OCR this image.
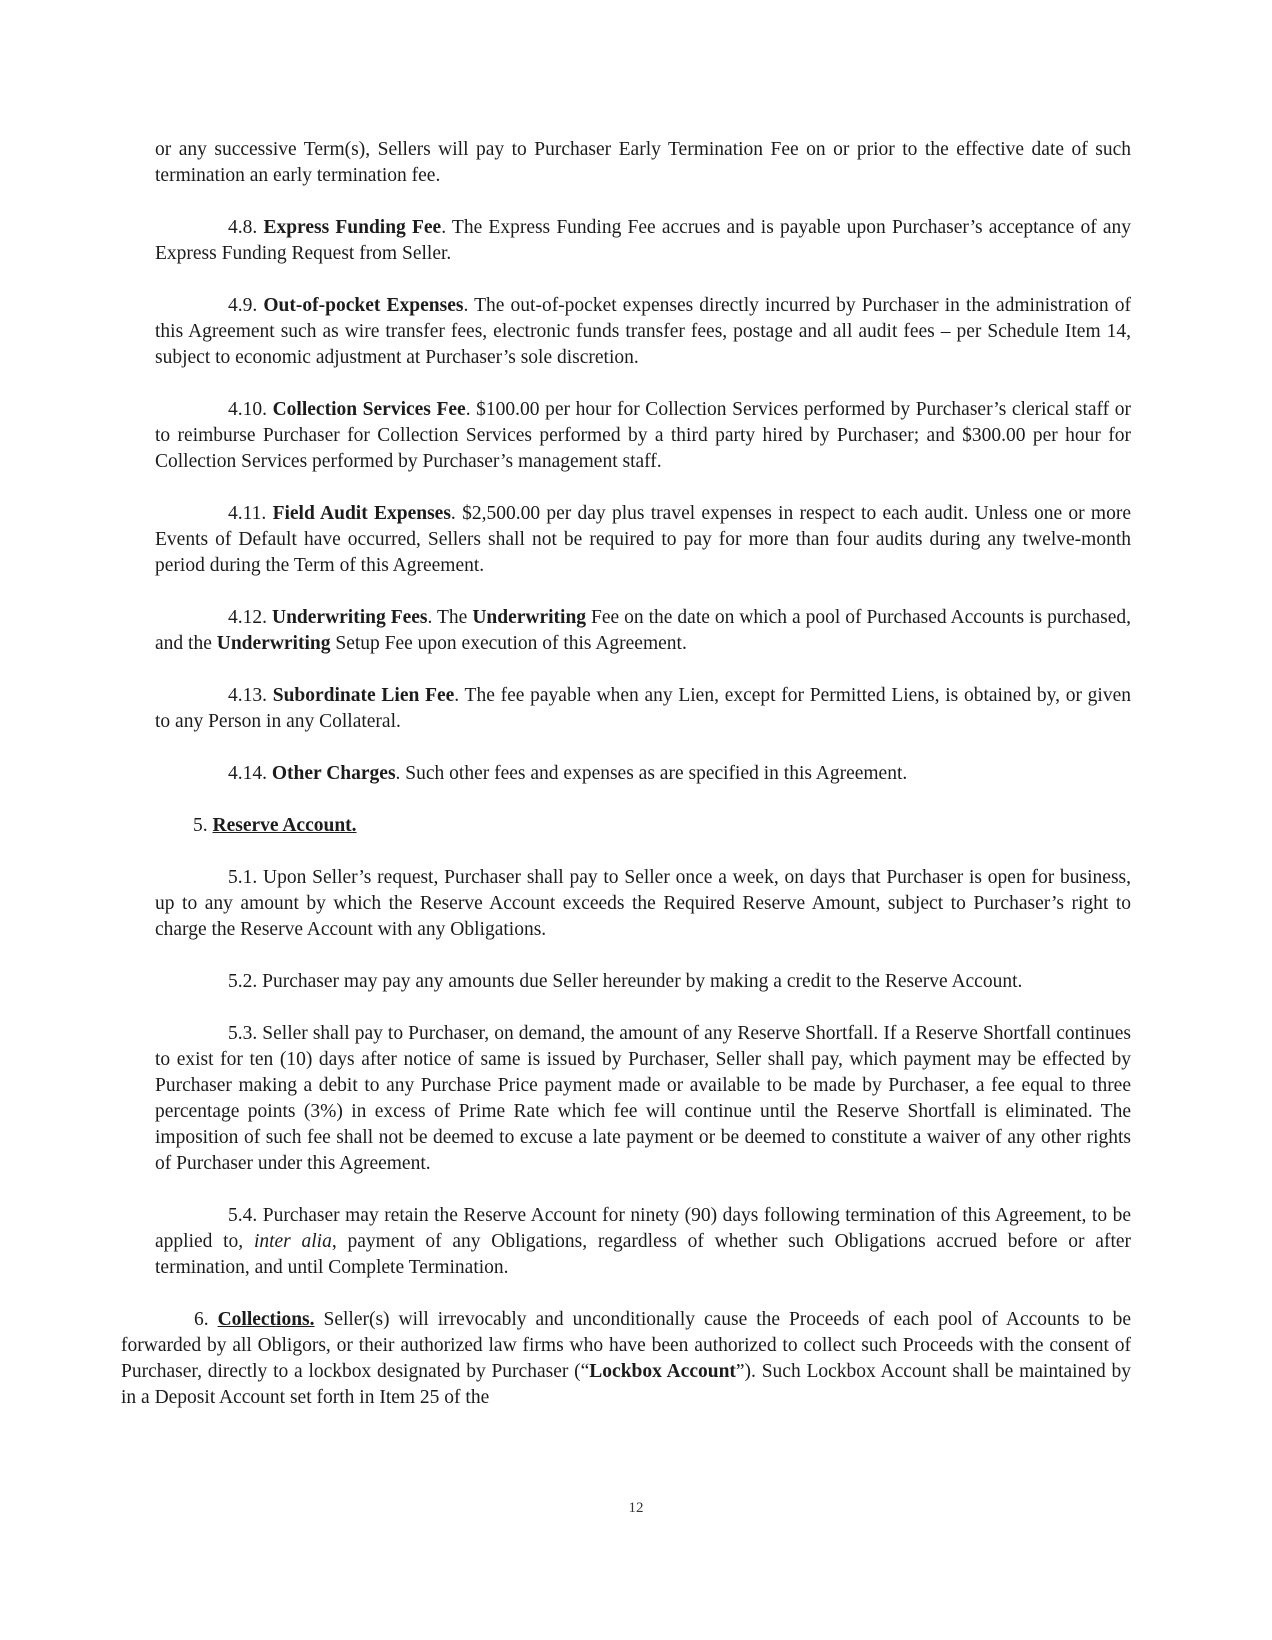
or any successive Term(s), Sellers will pay to Purchaser Early Termination Fee on or prior to the effective date of such termination an early termination fee.

4.8. Express Funding Fee. The Express Funding Fee accrues and is payable upon Purchaser’s acceptance of any Express Funding Request from Seller.

4.9. Out-of-pocket Expenses. The out-of-pocket expenses directly incurred by Purchaser in the administration of this Agreement such as wire transfer fees, electronic funds transfer fees, postage and all audit fees – per Schedule Item 14, subject to economic adjustment at Purchaser’s sole discretion.

4.10. Collection Services Fee. $100.00 per hour for Collection Services performed by Purchaser’s clerical staff or to reimburse Purchaser for Collection Services performed by a third party hired by Purchaser; and $300.00 per hour for Collection Services performed by Purchaser’s management staff.

4.11. Field Audit Expenses. $2,500.00 per day plus travel expenses in respect to each audit. Unless one or more Events of Default have occurred, Sellers shall not be required to pay for more than four audits during any twelve-month period during the Term of this Agreement.

4.12. Underwriting Fees. The Underwriting Fee on the date on which a pool of Purchased Accounts is purchased, and the Underwriting Setup Fee upon execution of this Agreement.

4.13. Subordinate Lien Fee. The fee payable when any Lien, except for Permitted Liens, is obtained by, or given to any Person in any Collateral.

4.14. Other Charges. Such other fees and expenses as are specified in this Agreement.

5. Reserve Account.

5.1. Upon Seller’s request, Purchaser shall pay to Seller once a week, on days that Purchaser is open for business, up to any amount by which the Reserve Account exceeds the Required Reserve Amount, subject to Purchaser’s right to charge the Reserve Account with any Obligations.

5.2. Purchaser may pay any amounts due Seller hereunder by making a credit to the Reserve Account.

5.3. Seller shall pay to Purchaser, on demand, the amount of any Reserve Shortfall. If a Reserve Shortfall continues to exist for ten (10) days after notice of same is issued by Purchaser, Seller shall pay, which payment may be effected by Purchaser making a debit to any Purchase Price payment made or available to be made by Purchaser, a fee equal to three percentage points (3%) in excess of Prime Rate which fee will continue until the Reserve Shortfall is eliminated. The imposition of such fee shall not be deemed to excuse a late payment or be deemed to constitute a waiver of any other rights of Purchaser under this Agreement.

5.4. Purchaser may retain the Reserve Account for ninety (90) days following termination of this Agreement, to be applied to, inter alia, payment of any Obligations, regardless of whether such Obligations accrued before or after termination, and until Complete Termination.

6. Collections. Seller(s) will irrevocably and unconditionally cause the Proceeds of each pool of Accounts to be forwarded by all Obligors, or their authorized law firms who have been authorized to collect such Proceeds with the consent of Purchaser, directly to a lockbox designated by Purchaser (“Lockbox Account”). Such Lockbox Account shall be maintained by in a Deposit Account set forth in Item 25 of the

12
